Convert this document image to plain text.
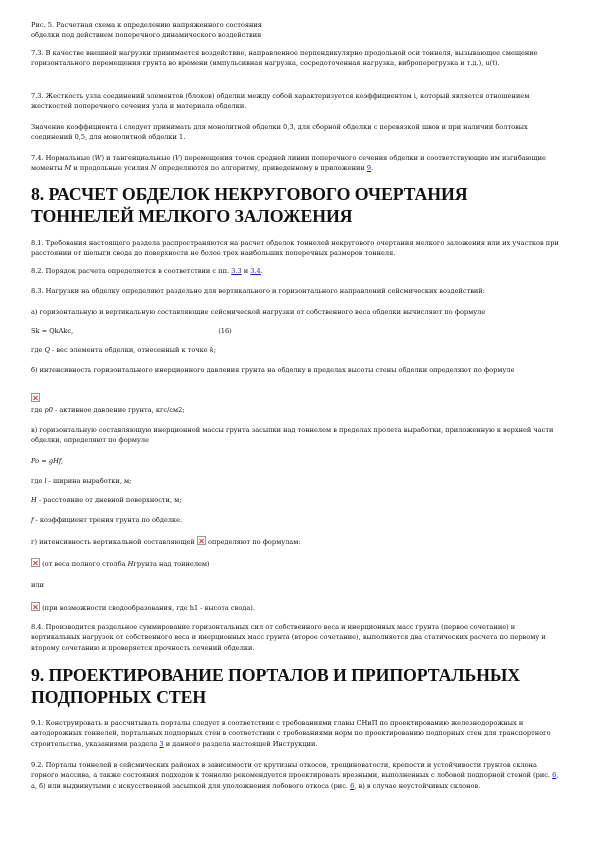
Рис. 5. Расчетная схема к определению напряженного состояния

обделки под действием поперечного динамического воздействия

7.3. В качестве внешней нагрузки принимается воздействие, направленное перпендикулярно продольной оси тоннеля, вызывающее смещение горизонтального перемещения грунта во времени (импульсивная нагрузка, сосредоточенная нагрузка, виброперегрузка и т.д.), u(t).

7.3. Жесткость узла соединений элементов (блоков) обделки между собой характеризуется коэффициентом i, который является отношением жесткостей поперечного сечения узла и материала обделки.

Значение коэффициента i следует принимать для монолитной обделки 0,3, для сборной обделки с перевязкой швов и при наличии болтовых соединений 0,5, для монолитной обделки 1.

7.4. Нормальные (W) и тангенциальные (V) перемещения точек средней линии поперечного сечения обделки и соответствующие им изгибающие моменты M и продольные усилия N определяются по алгоритму, приведенному в приложении 9.

8. РАСЧЕТ ОБДЕЛОК НЕКРУГОВОГО ОЧЕРТАНИЯ ТОННЕЛЕЙ МЕЛКОГО ЗАЛОЖЕНИЯ

8.1. Требования настоящего раздела распространяются на расчет обделок тоннелей некругового очертания мелкого заложения или их участков при расстоянии от шелыги свода до поверхности не более трех наибольших поперечных размеров тоннеля.

8.2. Порядок расчета определяется в соответствии с пп. 3.3 и 3.4.

8.3. Нагрузки на обделку определяют раздельно для вертикального и горизонтального направлений сейсмических воздействий:

а) горизонтальную и вертикальную составляющие сейсмической нагрузки от собственного веса обделки вычисляют по формуле

Sk = QkAkc,	(16)

где Q - вес элемента обделки, отнесенный к точке k;

б) интенсивность горизонтального инерционного давления грунта на обделку в пределах высоты стены обделки определяют по формуле

где p0 - активное давление грунта, кгс/см2;

в) горизонтальную составляющую инерционной массы грунта засыпки над тоннелем в пределах пролета выработки, приложенную к верхней части обделки, определяют по формуле

Po = gHf,

где l - ширина выработки, м;

H - расстояние от дневной поверхности, м;

f - коэффициент трения грунта по обделке.

г) интенсивность вертикальной составляющей  определяют по формулам:

(от веса полного столба Hгрунта над тоннелем)

или

(при возможности сводообразования, где h1 - высота свода).

8.4. Производится раздельное суммирование горизонтальных сил от собственного веса и инерционных масс грунта (первое сочетание) и вертикальных нагрузок от собственного веса и инерционных масс грунта (второе сочетание), выполняется два статических расчета по первому и второму сочетанию и проверяется прочность сечений обделки.

9. ПРОЕКТИРОВАНИЕ ПОРТАЛОВ И ПРИПОРТАЛЬНЫХ ПОДПОРНЫХ СТЕН

9.1. Конструировать и рассчитывать порталы следует в соответствии с требованиями главы СНиП по проектированию железнодорожных и автодорожных тоннелей, портальных подпорных стен в соответствии с требованиями норм по проектированию подпорных стен для транспортного строительства, указаниями раздела 3 и данного раздела настоящей Инструкции.

9.2. Порталы тоннелей в сейсмических районах в зависимости от крутизны откосов, трещиноватости, крепости и устойчивости грунтов склона горного массива, а также состояния подходов к тоннелю рекомендуется проектировать врезными, выполненных с лобовой подпорной стеной (рис. 6, а, б) или выдвинутыми с искусственной засыпкой для уположнения лобового откоса (рис. 6, в) в случае неустойчивых склонов.
